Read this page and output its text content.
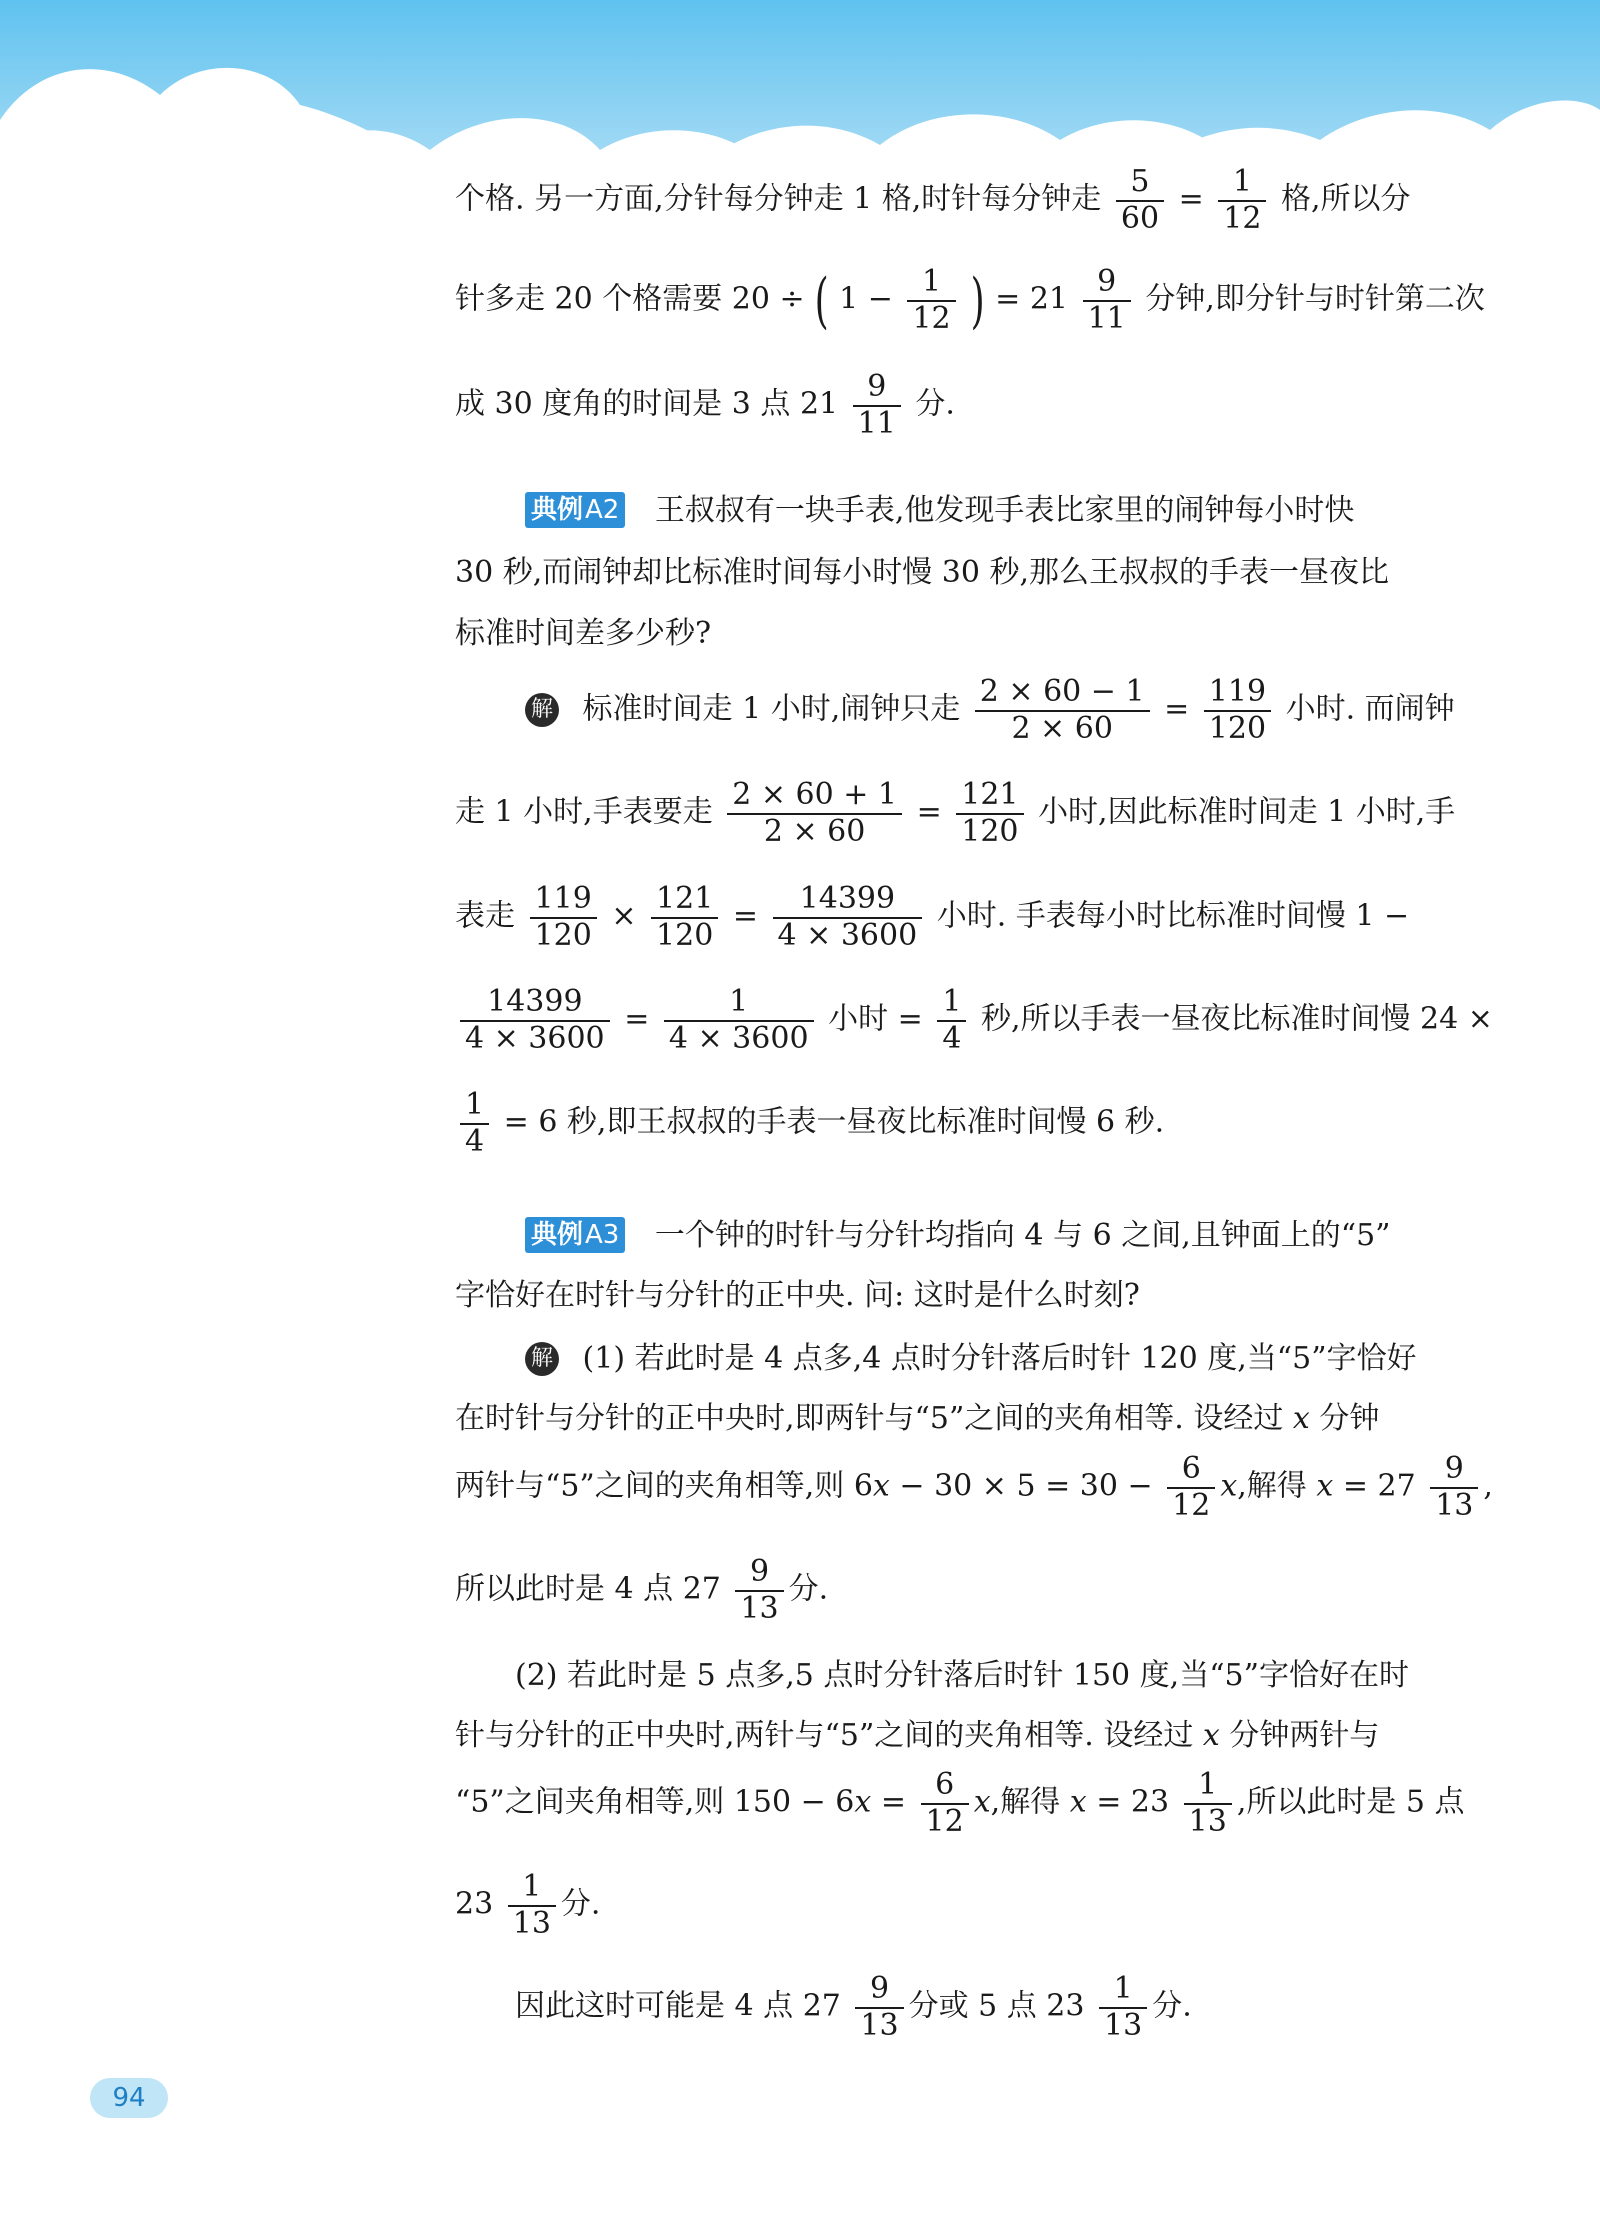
个格. 另一方面,分针每分钟走 1 格,时针每分钟走 $\frac{5}{60} = \frac{1}{12}$ 格,所以分
针多走 20 个格需要 20 ÷ ( $1 - \frac{1}{12}$ ) = $21 \frac{9}{11}$ 分钟,即分针与时针第二次
成 30 度角的时间是 3 点 $21 \frac{9}{11}$ 分.
典例A2 王叔叔有一块手表,他发现手表比家里的闹钟每小时快
30 秒,而闹钟却比标准时间每小时慢 30 秒,那么王叔叔的手表一昼夜比
标准时间差多少秒?
解 标准时间走 1 小时,闹钟只走 $\frac{2 \times 60 - 1}{2 \times 60} = \frac{119}{120}$ 小时. 而闹钟
走 1 小时,手表要走 $\frac{2 \times 60 + 1}{2 \times 60} = \frac{121}{120}$ 小时,因此标准时间走 1 小时,手
表走 $\frac{119}{120} \times \frac{121}{120} = \frac{14399}{4 \times 3600}$ 小时. 手表每小时比标准时间慢 1 −
$\frac{14399}{4 \times 3600} = \frac{1}{4 \times 3600}$ 小时 = $\frac{1}{4}$ 秒,所以手表一昼夜比标准时间慢 24 ×
$\frac{1}{4} = 6$ 秒,即王叔叔的手表一昼夜比标准时间慢 6 秒.
典例A3 一个钟的时针与分针均指向 4 与 6 之间,且钟面上的“5”
字恰好在时针与分针的正中央. 问: 这时是什么时刻?
解 (1) 若此时是 4 点多,4 点时分针落后时针 120 度,当“5”字恰好
在时针与分针的正中央时,即两针与“5”之间的夹角相等. 设经过 x 分钟
两针与“5”之间的夹角相等,则 $6x - 30 \times 5 = 30 - \frac{6}{12} x$,解得 $x = 27 \frac{9}{13}$ ,
所以此时是 4 点 $27 \frac{9}{13}$ 分.
(2) 若此时是 5 点多,5 点时分针落后时针 150 度,当“5”字恰好在时
针与分针的正中央时,两针与“5”之间的夹角相等. 设经过 x 分钟两针与
“5”之间夹角相等,则 $150 - 6x = \frac{6}{12} x$,解得 $x = 23 \frac{1}{13}$ ,所以此时是 5 点
$23 \frac{1}{13}$ 分.
因此这时可能是 4 点 $27 \frac{9}{13}$ 分或 5 点 $23 \frac{1}{13}$ 分.
94
